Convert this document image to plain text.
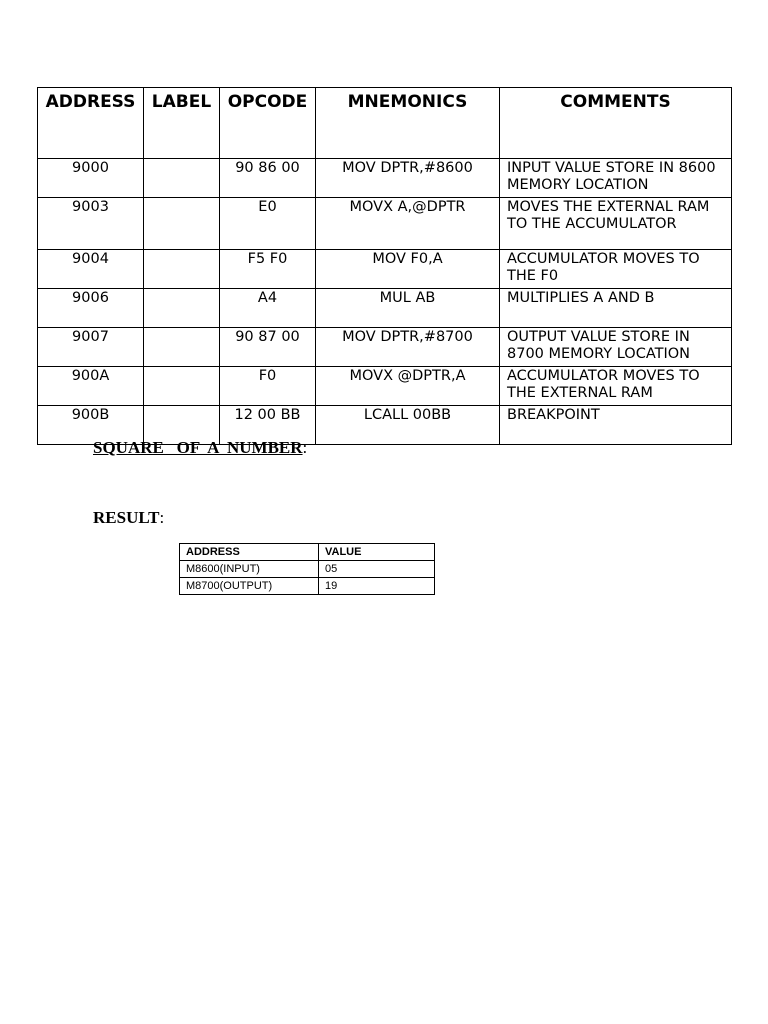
ADDRESS	LABEL	OPCODE	MNEMONICS	COMMENTS
9000		90 86 00	MOV DPTR,#8600	INPUT VALUE STORE IN 8600 MEMORY LOCATION
9003		E0	MOVX A,@DPTR	MOVES THE EXTERNAL RAM TO THE ACCUMULATOR
9004		F5 F0	MOV F0,A	ACCUMULATOR MOVES TO THE F0
9006		A4	MUL AB	MULTIPLIES A AND B
9007		90 87 00	MOV DPTR,#8700	OUTPUT VALUE STORE IN 8700 MEMORY LOCATION
900A		F0	MOVX @DPTR,A	ACCUMULATOR MOVES TO THE EXTERNAL RAM
900B		12 00 BB	LCALL 00BB	BREAKPOINT
SQUARE   OF  A  NUMBER:
RESULT:
ADDRESS	VALUE
M8600(INPUT)	05
M8700(OUTPUT)	19
